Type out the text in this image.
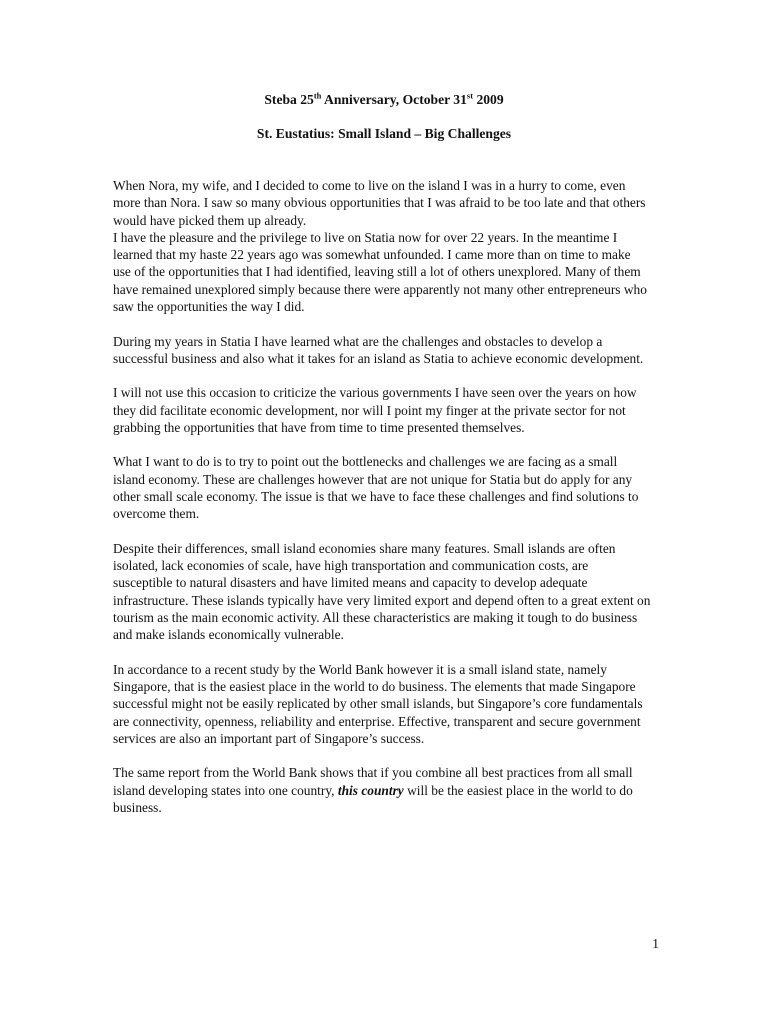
Steba 25th Anniversary, October 31st 2009
St. Eustatius: Small Island – Big Challenges

When Nora, my wife, and I decided to come to live on the island I was in a hurry to come, even more than Nora. I saw so many obvious opportunities that I was afraid to be too late and that others would have picked them up already.

I have the pleasure and the privilege to live on Statia now for over 22 years. In the meantime I learned that my haste 22 years ago was somewhat unfounded. I came more than on time to make use of the opportunities that I had identified, leaving still a lot of others unexplored. Many of them have remained unexplored simply because there were apparently not many other entrepreneurs who saw the opportunities the way I did.

During my years in Statia I have learned what are the challenges and obstacles to develop a successful business and also what it takes for an island as Statia to achieve economic development.

I will not use this occasion to criticize the various governments I have seen over the years on how they did facilitate economic development, nor will I point my finger at the private sector for not grabbing the opportunities that have from time to time presented themselves.

What I want to do is to try to point out the bottlenecks and challenges we are facing as a small island economy. These are challenges however that are not unique for Statia but do apply for any other small scale economy. The issue is that we have to face these challenges and find solutions to overcome them.

Despite their differences, small island economies share many features. Small islands are often isolated, lack economies of scale, have high transportation and communication costs, are susceptible to natural disasters and have limited means and capacity to develop adequate infrastructure. These islands typically have very limited export and depend often to a great extent on tourism as the main economic activity. All these characteristics are making it tough to do business and make islands economically vulnerable.

In accordance to a recent study by the World Bank however it is a small island state, namely Singapore, that is the easiest place in the world to do business. The elements that made Singapore successful might not be easily replicated by other small islands, but Singapore’s core fundamentals are connectivity, openness, reliability and enterprise. Effective, transparent and secure government services are also an important part of Singapore’s success.

The same report from the World Bank shows that if you combine all best practices from all small island developing states into one country, this country will be the easiest place in the world to do business.

1
